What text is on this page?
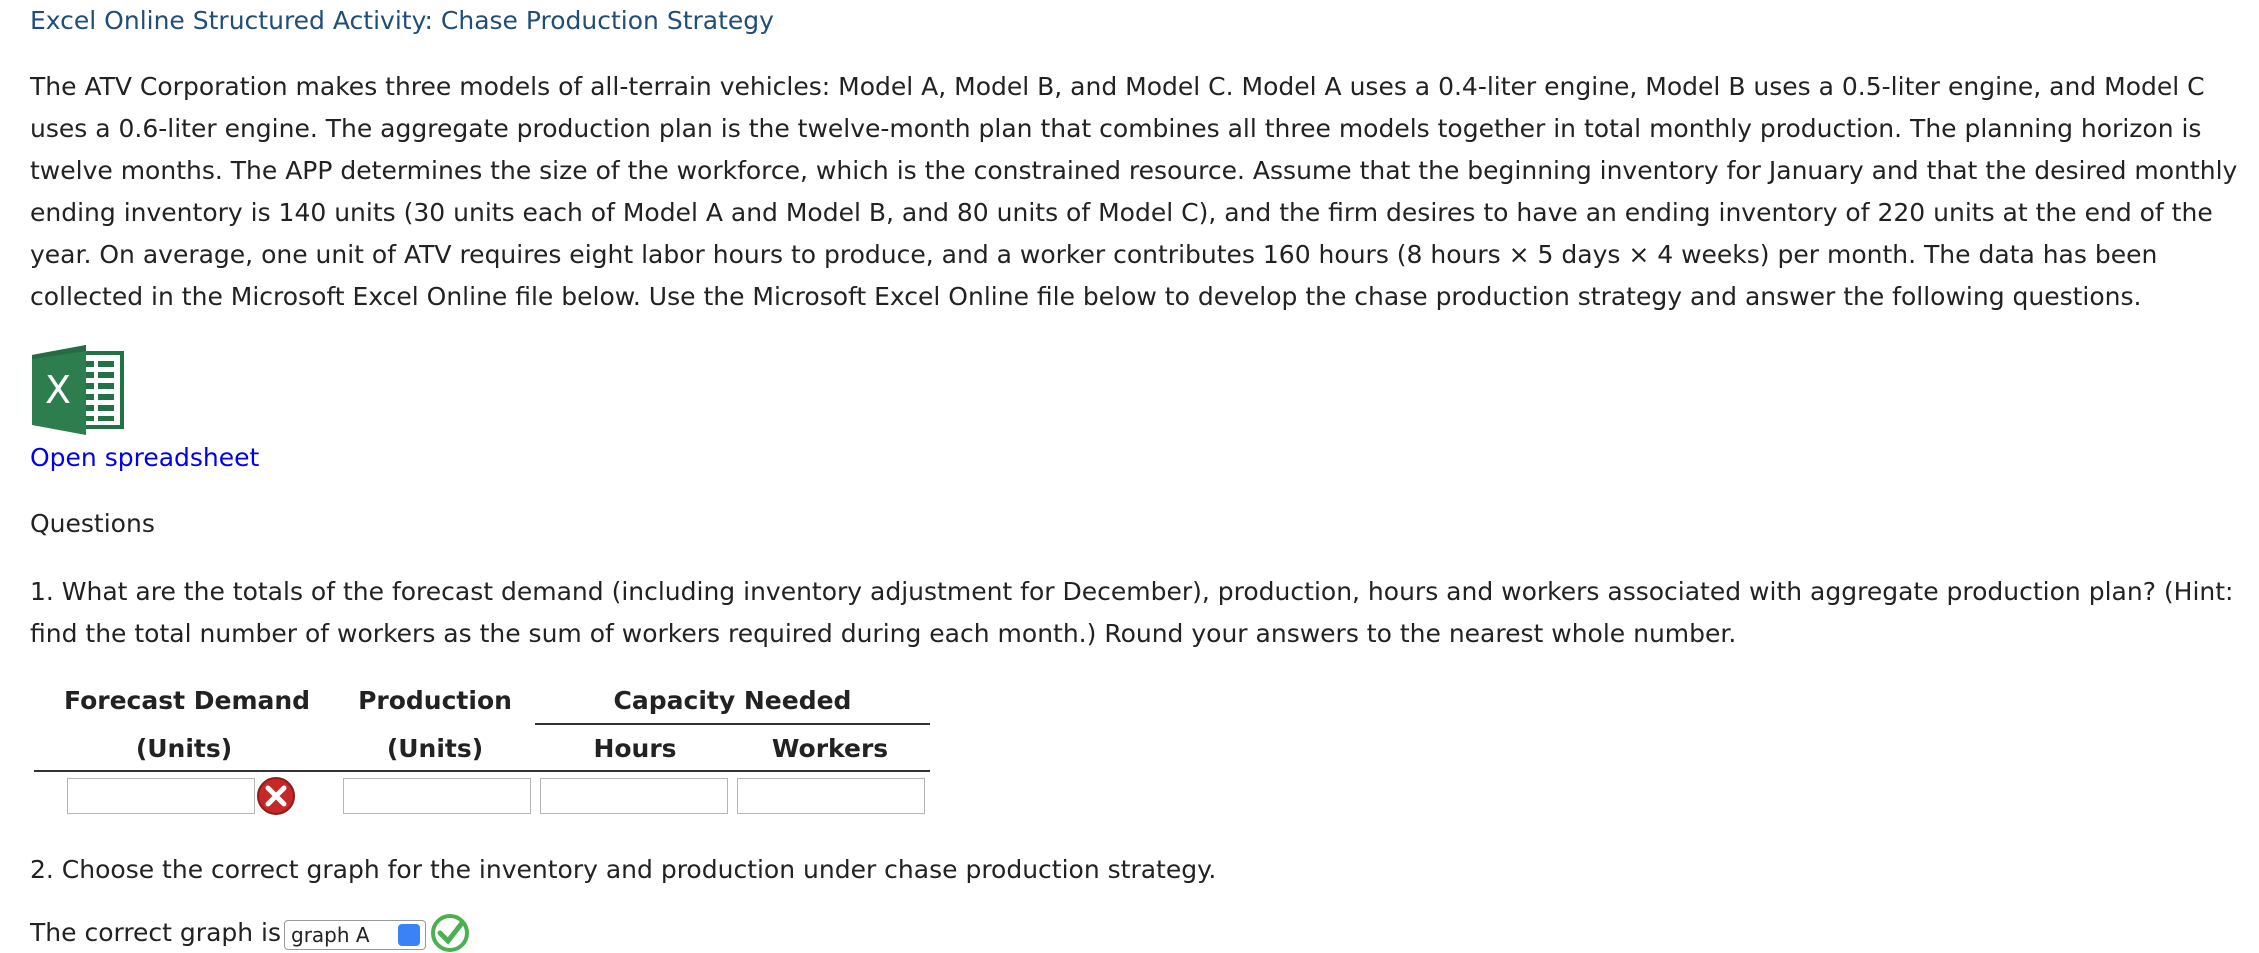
Excel Online Structured Activity: Chase Production Strategy

The ATV Corporation makes three models of all-terrain vehicles: Model A, Model B, and Model C. Model A uses a 0.4-liter engine, Model B uses a 0.5-liter engine, and Model C uses a 0.6-liter engine. The aggregate production plan is the twelve-month plan that combines all three models together in total monthly production. The planning horizon is twelve months. The APP determines the size of the workforce, which is the constrained resource. Assume that the beginning inventory for January and that the desired monthly ending inventory is 140 units (30 units each of Model A and Model B, and 80 units of Model C), and the firm desires to have an ending inventory of 220 units at the end of the year. On average, one unit of ATV requires eight labor hours to produce, and a worker contributes 160 hours (8 hours × 5 days × 4 weeks) per month. The data has been collected in the Microsoft Excel Online file below. Use the Microsoft Excel Online file below to develop the chase production strategy and answer the following questions.

X
Open spreadsheet
Questions

1. What are the totals of the forecast demand (including inventory adjustment for December), production, hours and workers associated with aggregate production plan? (Hint: find the total number of workers as the sum of workers required during each month.) Round your answers to the nearest whole number.

Forecast Demand
(Units)
Production
(Units)
Capacity Needed
Hours	Workers
2. Choose the correct graph for the inventory and production under chase production strategy.
The correct graph is graph A
